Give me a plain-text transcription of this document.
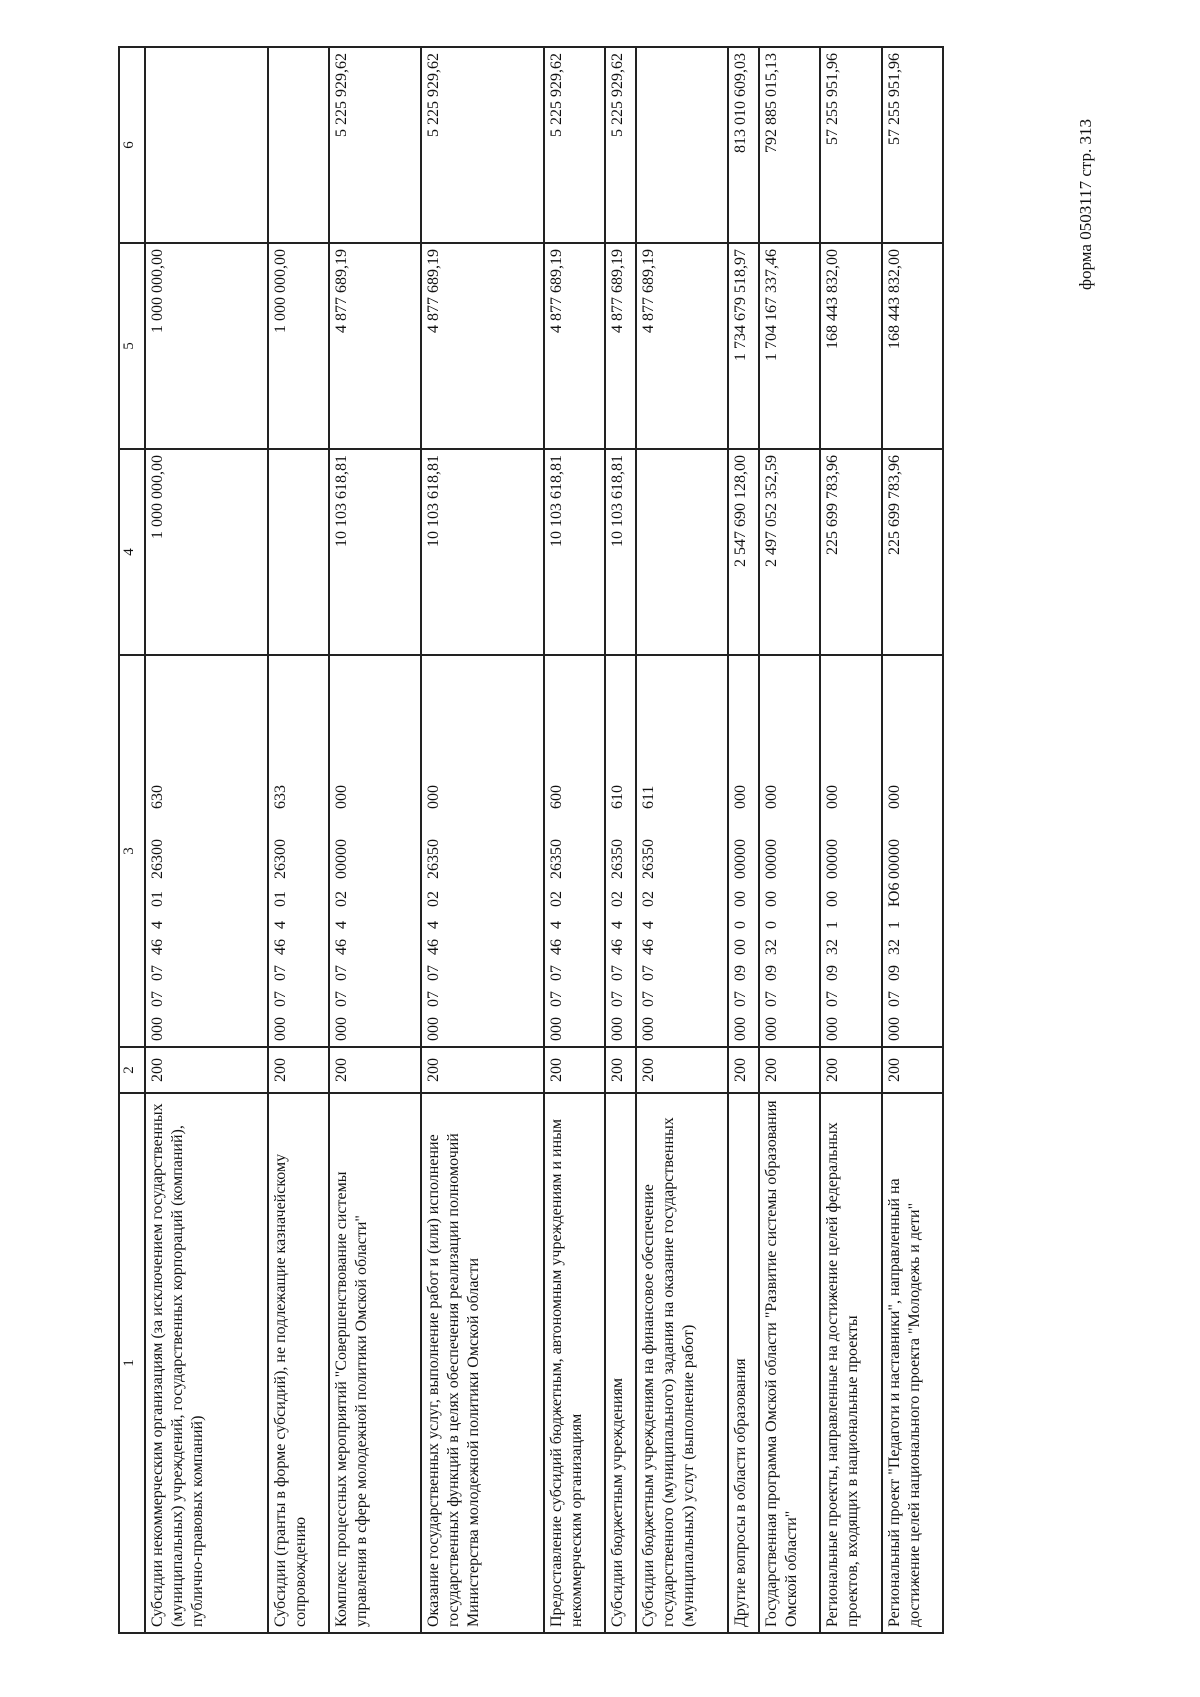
форма 0503117 стр. 313
1	2	3	4	5	6
Субсидии некоммерческим организациям (за исключением государственных (муниципальных) учреждений, государственных корпораций (компаний), публично-правовых компаний)	200	00007074640126300630	1 000 000,00	1 000 000,00	
Субсидии (гранты в форме субсидий), не подлежащие казначейскому сопровождению	200	00007074640126300633		1 000 000,00	
Комплекс процессных мероприятий "Совершенствование системы управления в сфере молодежной политики Омской области"	200	00007074640200000000	10 103 618,81	4 877 689,19	5 225 929,62
Оказание государственных услуг, выполнение работ и (или) исполнение государственных функций в целях обеспечения реализации полномочий Министерства молодежной политики Омской области	200	00007074640226350000	10 103 618,81	4 877 689,19	5 225 929,62
Предоставление субсидий бюджетным, автономным учреждениям и иным некоммерческим организациям	200	00007074640226350600	10 103 618,81	4 877 689,19	5 225 929,62
Субсидии бюджетным учреждениям	200	00007074640226350610	10 103 618,81	4 877 689,19	5 225 929,62
Субсидии бюджетным учреждениям на финансовое обеспечение государственного (муниципального) задания на оказание государственных (муниципальных) услуг (выполнение работ)	200	00007074640226350611		4 877 689,19	
Другие вопросы в области образования	200	00007090000000000000	2 547 690 128,00	1 734 679 518,97	813 010 609,03
Государственная программа Омской области "Развитие системы образования Омской области"	200	00007093200000000000	2 497 052 352,59	1 704 167 337,46	792 885 015,13
Региональные проекты, направленные на достижение целей федеральных проектов, входящих в национальные проекты	200	00007093210000000000	225 699 783,96	168 443 832,00	57 255 951,96
Региональный проект "Педагоги и наставники", направленный на достижение целей национального проекта "Молодежь и дети"	200	0000709321Ю600000000	225 699 783,96	168 443 832,00	57 255 951,96
